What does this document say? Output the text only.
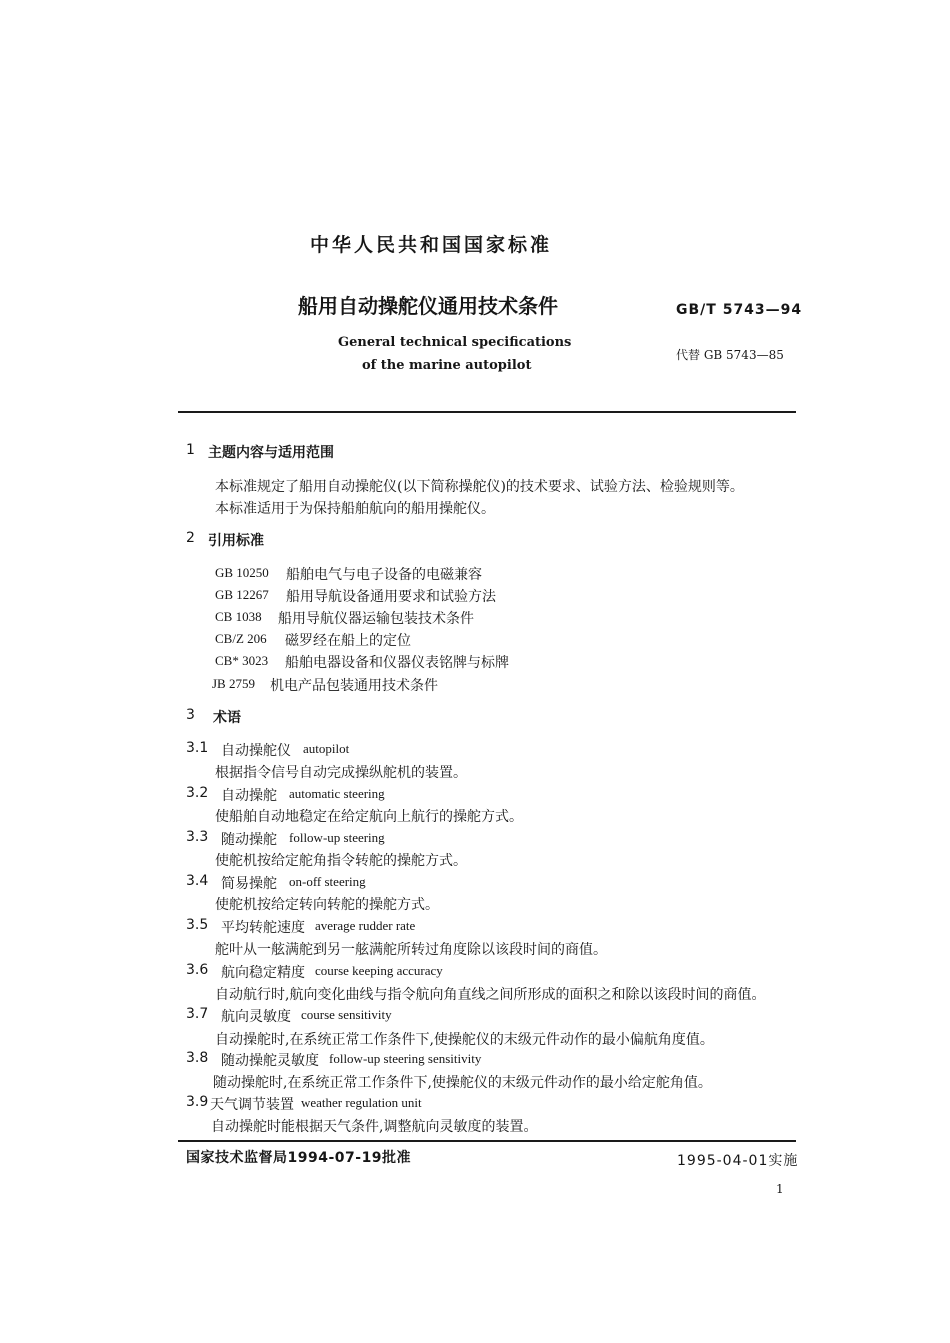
中华人民共和国国家标准
船用自动操舵仪通用技术条件	GB/T 5743—94
General technical specifications
of the marine autopilot
代替 GB 5743—85
1 主题内容与适用范围
本标准规定了船用自动操舵仪(以下简称操舵仪)的技术要求、试验方法、检验规则等。
本标准适用于为保持船舶航向的船用操舵仪。
2 引用标准
GB 10250 船舶电气与电子设备的电磁兼容
GB 12267 船用导航设备通用要求和试验方法
CB 1038 船用导航仪器运输包装技术条件
CB/Z 206 磁罗经在船上的定位
CB* 3023 船舶电器设备和仪器仪表铭牌与标牌
JB 2759 机电产品包装通用技术条件
3 术语
3.1 自动操舵仪 autopilot
根据指令信号自动完成操纵舵机的装置。
3.2 自动操舵 automatic steering
使船舶自动地稳定在给定航向上航行的操舵方式。
3.3 随动操舵 follow-up steering
使舵机按给定舵角指令转舵的操舵方式。
3.4 简易操舵 on-off steering
使舵机按给定转向转舵的操舵方式。
3.5 平均转舵速度 average rudder rate
舵叶从一舷满舵到另一舷满舵所转过角度除以该段时间的商值。
3.6 航向稳定精度 course keeping accuracy
自动航行时,航向变化曲线与指令航向角直线之间所形成的面积之和除以该段时间的商值。
3.7 航向灵敏度 course sensitivity
自动操舵时,在系统正常工作条件下,使操舵仪的末级元件动作的最小偏航角度值。
3.8 随动操舵灵敏度 follow-up steering sensitivity
随动操舵时,在系统正常工作条件下,使操舵仪的末级元件动作的最小给定舵角值。
3.9 天气调节装置 weather regulation unit
自动操舵时能根据天气条件,调整航向灵敏度的装置。
国家技术监督局1994-07-19批准	1995-04-01实施
1
